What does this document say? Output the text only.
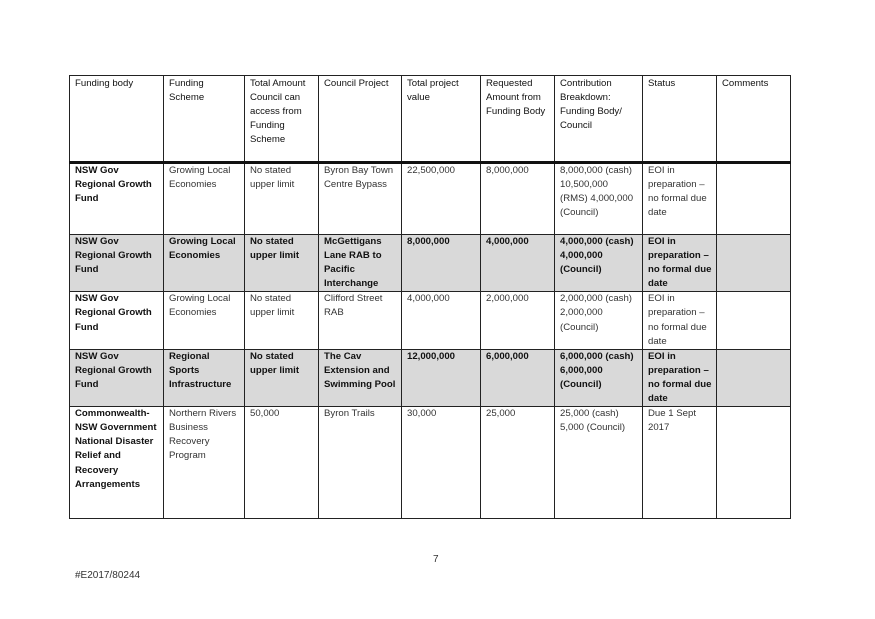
Funding body	Funding Scheme	Total Amount Council can access from Funding Scheme	Council Project	Total project value	Requested Amount from Funding Body	Contribution Breakdown: Funding Body/ Council	Status	Comments
NSW Gov Regional Growth Fund	Growing Local Economies	No stated upper limit	Byron Bay Town Centre Bypass	22,500,000	8,000,000	8,000,000 (cash) 10,500,000 (RMS) 4,000,000 (Council)	EOI in preparation – no formal due date	
NSW Gov Regional Growth Fund	Growing Local Economies	No stated upper limit	McGettigans Lane RAB to Pacific Interchange	8,000,000	4,000,000	4,000,000 (cash) 4,000,000 (Council)	EOI in preparation – no formal due date	
NSW Gov Regional Growth Fund	Growing Local Economies	No stated upper limit	Clifford Street RAB	4,000,000	2,000,000	2,000,000 (cash) 2,000,000 (Council)	EOI in preparation – no formal due date	
NSW Gov Regional Growth Fund	Regional Sports Infrastructure	No stated upper limit	The Cav Extension and Swimming Pool	12,000,000	6,000,000	6,000,000 (cash) 6,000,000 (Council)	EOI in preparation – no formal due date	
Commonwealth-NSW Government National Disaster Relief and Recovery Arrangements	Northern Rivers Business Recovery Program	50,000	Byron Trails	30,000	25,000	25,000 (cash) 5,000 (Council)	Due 1 Sept 2017	
7
#E2017/80244
